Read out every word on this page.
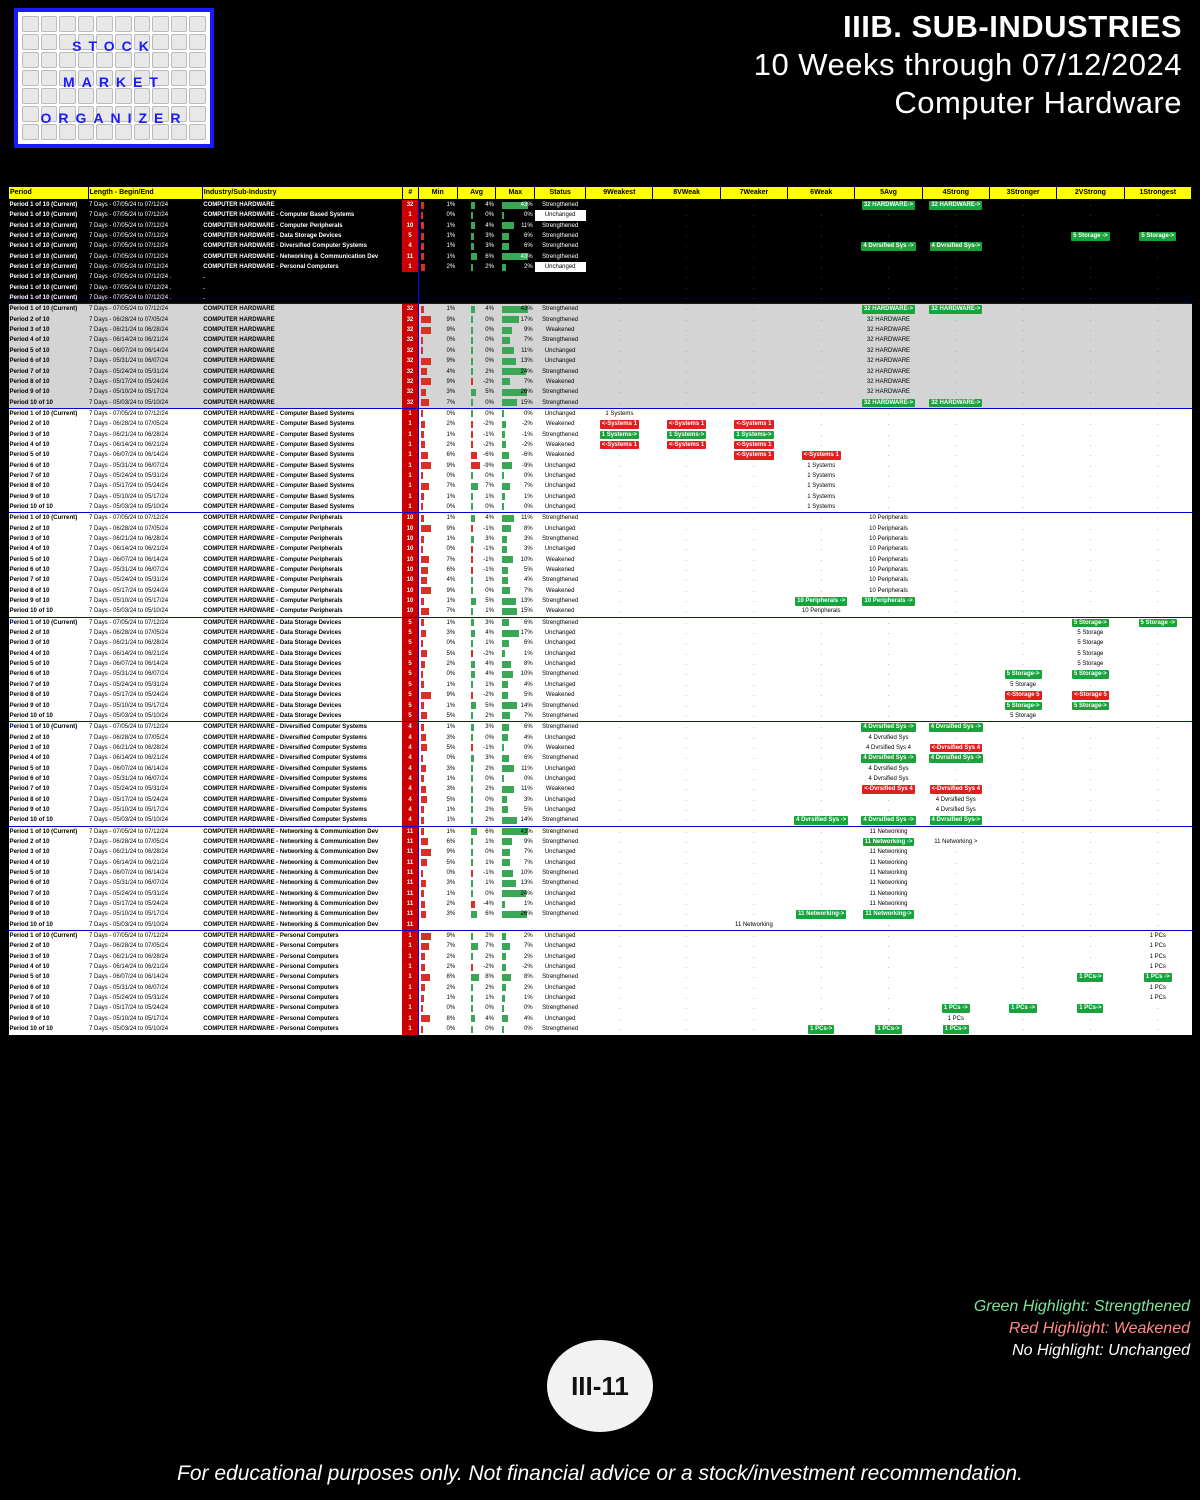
STOCK
MARKET
ORGANIZER
IIIB. SUB-INDUSTRIES
10 Weeks through 07/12/2024
Computer Hardware
Period	Length - Begin/End	Industry/Sub-Industry	#	Min	Avg	Max	Status	9Weakest	8VWeak	7Weaker	6Weak	5Avg	4Strong	3Stronger	2VStrong	1Strongest
Period 1 of 10 (Current)	7 Days - 07/05/24 to 07/12/24	COMPUTER HARDWARE	32	1%	4%	43%	Strengthened	.	.	.	.	32 HARDWARE->	32 HARDWARE->	.	.	.
Period 1 of 10 (Current)	7 Days - 07/05/24 to 07/12/24	COMPUTER HARDWARE - Computer Based Systems	1	0%	0%	0%	Unchanged	1 Systems	.	.	.	.	.	.	.	.
Period 1 of 10 (Current)	7 Days - 07/05/24 to 07/12/24	COMPUTER HARDWARE - Computer Peripherals	10	1%	4%	11%	Strengthened	.	.	.	.	10 Peripherals	.	.	.	.
Period 1 of 10 (Current)	7 Days - 07/05/24 to 07/12/24	COMPUTER HARDWARE - Data Storage Devices	5	1%	3%	6%	Strengthened	.	.	.	.	.	.	.	5 Storage ->	5 Storage->
Period 1 of 10 (Current)	7 Days - 07/05/24 to 07/12/24	COMPUTER HARDWARE - Diversified Computer Systems	4	1%	3%	6%	Strengthened	.	.	.	.	4 Dvrsified Sys ->	4 Dvrsified Sys->	.	.	.
Period 1 of 10 (Current)	7 Days - 07/05/24 to 07/12/24	COMPUTER HARDWARE - Networking & Communication Dev	11	1%	6%	43%	Strengthened	.	.	.	.	11 Networking	.	.	.	.
Period 1 of 10 (Current)	7 Days - 07/05/24 to 07/12/24	COMPUTER HARDWARE - Personal Computers	1	2%	2%	2%	Unchanged	.	.	.	.	.	.	.	.	1 PCs
Period 1 of 10 (Current)	7 Days - 07/05/24 to 07/12/24 .	.						.	.	.	.	.	.	.	.	.
Period 1 of 10 (Current)	7 Days - 07/05/24 to 07/12/24 .	.						.	.	.	.	.	.	.	.	.
Period 1 of 10 (Current)	7 Days - 07/05/24 to 07/12/24 .	.						.	.	.	.	.	.	.	.	.
Period 1 of 10 (Current)	7 Days - 07/05/24 to 07/12/24	COMPUTER HARDWARE	32	1%	4%	43%	Strengthened	.	.	.	.	32 HARDWARE->	32 HARDWARE->	.	.	.
Period 2 of 10	7 Days - 06/28/24 to 07/05/24	COMPUTER HARDWARE	32	9%	0%	17%	Strengthened	.	.	.	.	32 HARDWARE	.	.	.	.
Period 3 of 10	7 Days - 06/21/24 to 06/28/24	COMPUTER HARDWARE	32	9%	0%	9%	Weakened	.	.	.	.	32 HARDWARE	.	.	.	.
Period 4 of 10	7 Days - 06/14/24 to 06/21/24	COMPUTER HARDWARE	32	0%	0%	7%	Strengthened	.	.	.	.	32 HARDWARE	.	.	.	.
Period 5 of 10	7 Days - 06/07/24 to 06/14/24	COMPUTER HARDWARE	32	0%	0%	11%	Unchanged	.	.	.	.	32 HARDWARE	.	.	.	.
Period 6 of 10	7 Days - 05/31/24 to 06/07/24	COMPUTER HARDWARE	32	9%	0%	13%	Unchanged	.	.	.	.	32 HARDWARE	.	.	.	.
Period 7 of 10	7 Days - 05/24/24 to 05/31/24	COMPUTER HARDWARE	32	4%	2%	24%	Strengthened	.	.	.	.	32 HARDWARE	.	.	.	.
Period 8 of 10	7 Days - 05/17/24 to 05/24/24	COMPUTER HARDWARE	32	9%	-2%	7%	Weakened	.	.	.	.	32 HARDWARE	.	.	.	.
Period 9 of 10	7 Days - 05/10/24 to 05/17/24	COMPUTER HARDWARE	32	3%	5%	26%	Strengthened	.	.	.	.	32 HARDWARE	.	.	.	.
Period 10 of 10	7 Days - 05/03/24 to 05/10/24	COMPUTER HARDWARE	32	7%	0%	15%	Strengthened	.	.	.	.	32 HARDWARE->	32 HARDWARE->	.	.	.
Period 1 of 10 (Current)	7 Days - 07/05/24 to 07/12/24	COMPUTER HARDWARE - Computer Based Systems	1	0%	0%	0%	Unchanged	1 Systems	.	.	.	.	.	.	.	.
Period 2 of 10	7 Days - 06/28/24 to 07/05/24	COMPUTER HARDWARE - Computer Based Systems	1	2%	-2%	-2%	Weakened	<-Systems 1	<-Systems 1	<-Systems 1	.	.	.	.	.	.
Period 3 of 10	7 Days - 06/21/24 to 06/28/24	COMPUTER HARDWARE - Computer Based Systems	1	1%	-1%	-1%	Strengthened	1 Systems->	1 Systems->	1 Systems->	.	.	.	.	.	.
Period 4 of 10	7 Days - 06/14/24 to 06/21/24	COMPUTER HARDWARE - Computer Based Systems	1	2%	-2%	-2%	Weakened	<-Systems 1	<-Systems 1	<-Systems 1	.	.	.	.	.	.
Period 5 of 10	7 Days - 06/07/24 to 06/14/24	COMPUTER HARDWARE - Computer Based Systems	1	6%	-6%	-6%	Weakened	.	.	<-Systems 1	<-Systems 1	.	.	.	.	.
Period 6 of 10	7 Days - 05/31/24 to 06/07/24	COMPUTER HARDWARE - Computer Based Systems	1	9%	-9%	-9%	Unchanged	.	.	.	1 Systems	.	.	.	.	.
Period 7 of 10	7 Days - 05/24/24 to 05/31/24	COMPUTER HARDWARE - Computer Based Systems	1	0%	0%	0%	Unchanged	.	.	.	1 Systems	.	.	.	.	.
Period 8 of 10	7 Days - 05/17/24 to 05/24/24	COMPUTER HARDWARE - Computer Based Systems	1	7%	7%	7%	Unchanged	.	.	.	1 Systems	.	.	.	.	.
Period 9 of 10	7 Days - 05/10/24 to 05/17/24	COMPUTER HARDWARE - Computer Based Systems	1	1%	1%	1%	Unchanged	.	.	.	1 Systems	.	.	.	.	.
Period 10 of 10	7 Days - 05/03/24 to 05/10/24	COMPUTER HARDWARE - Computer Based Systems	1	0%	0%	0%	Unchanged	.	.	.	1 Systems	.	.	.	.	.
Period 1 of 10 (Current)	7 Days - 07/05/24 to 07/12/24	COMPUTER HARDWARE - Computer Peripherals	10	1%	4%	11%	Strengthened	.	.	.	.	10 Peripherals	.	.	.	.
Period 2 of 10	7 Days - 06/28/24 to 07/05/24	COMPUTER HARDWARE - Computer Peripherals	10	9%	-1%	8%	Unchanged	.	.	.	.	10 Peripherals	.	.	.	.
Period 3 of 10	7 Days - 06/21/24 to 06/28/24	COMPUTER HARDWARE - Computer Peripherals	10	1%	3%	3%	Strengthened	.	.	.	.	10 Peripherals	.	.	.	.
Period 4 of 10	7 Days - 06/14/24 to 06/21/24	COMPUTER HARDWARE - Computer Peripherals	10	0%	-1%	3%	Unchanged	.	.	.	.	10 Peripherals	.	.	.	.
Period 5 of 10	7 Days - 06/07/24 to 06/14/24	COMPUTER HARDWARE - Computer Peripherals	10	7%	-1%	10%	Weakened	.	.	.	.	10 Peripherals	.	.	.	.
Period 6 of 10	7 Days - 05/31/24 to 06/07/24	COMPUTER HARDWARE - Computer Peripherals	10	6%	-1%	5%	Weakened	.	.	.	.	10 Peripherals	.	.	.	.
Period 7 of 10	7 Days - 05/24/24 to 05/31/24	COMPUTER HARDWARE - Computer Peripherals	10	4%	1%	4%	Strengthened	.	.	.	.	10 Peripherals	.	.	.	.
Period 8 of 10	7 Days - 05/17/24 to 05/24/24	COMPUTER HARDWARE - Computer Peripherals	10	9%	0%	7%	Weakened	.	.	.	.	10 Peripherals	.	.	.	.
Period 9 of 10	7 Days - 05/10/24 to 05/17/24	COMPUTER HARDWARE - Computer Peripherals	10	1%	5%	13%	Strengthened	.	.	.	10 Peripherals ->	10 Peripherals ->	.	.	.	.
Period 10 of 10	7 Days - 05/03/24 to 05/10/24	COMPUTER HARDWARE - Computer Peripherals	10	7%	1%	15%	Weakened	.	.	.	10 Peripherals	.	.	.	.	.
Period 1 of 10 (Current)	7 Days - 07/05/24 to 07/12/24	COMPUTER HARDWARE - Data Storage Devices	5	1%	3%	6%	Strengthened	.	.	.	.	.	.	.	5 Storage->	5 Storage ->
Period 2 of 10	7 Days - 06/28/24 to 07/05/24	COMPUTER HARDWARE - Data Storage Devices	5	3%	4%	17%	Unchanged	.	.	.	.	.	.	.	5 Storage	.
Period 3 of 10	7 Days - 06/21/24 to 06/28/24	COMPUTER HARDWARE - Data Storage Devices	5	0%	1%	6%	Unchanged	.	.	.	.	.	.	.	5 Storage	.
Period 4 of 10	7 Days - 06/14/24 to 06/21/24	COMPUTER HARDWARE - Data Storage Devices	5	5%	-2%	1%	Unchanged	.	.	.	.	.	.	.	5 Storage	.
Period 5 of 10	7 Days - 06/07/24 to 06/14/24	COMPUTER HARDWARE - Data Storage Devices	5	2%	4%	8%	Unchanged	.	.	.	.	.	.	.	5 Storage	.
Period 6 of 10	7 Days - 05/31/24 to 06/07/24	COMPUTER HARDWARE - Data Storage Devices	5	0%	4%	10%	Strengthened	.	.	.	.	.	.	5 Storage->	5 Storage->	.
Period 7 of 10	7 Days - 05/24/24 to 05/31/24	COMPUTER HARDWARE - Data Storage Devices	5	1%	1%	4%	Unchanged	.	.	.	.	.	.	5 Storage	.	.
Period 8 of 10	7 Days - 05/17/24 to 05/24/24	COMPUTER HARDWARE - Data Storage Devices	5	9%	-2%	5%	Weakened	.	.	.	.	.	.	<-Storage 5	<-Storage 5	.
Period 9 of 10	7 Days - 05/10/24 to 05/17/24	COMPUTER HARDWARE - Data Storage Devices	5	1%	5%	14%	Strengthened	.	.	.	.	.	.	5 Storage->	5 Storage->	.
Period 10 of 10	7 Days - 05/03/24 to 05/10/24	COMPUTER HARDWARE - Data Storage Devices	5	5%	2%	7%	Strengthened	.	.	.	.	.	.	5 Storage	.	.
Period 1 of 10 (Current)	7 Days - 07/05/24 to 07/12/24	COMPUTER HARDWARE - Diversified Computer Systems	4	1%	3%	6%	Strengthened	.	.	.	.	4 Dvrsified Sys ->	4 Dvrsified Sys ->	.	.	.
Period 2 of 10	7 Days - 06/28/24 to 07/05/24	COMPUTER HARDWARE - Diversified Computer Systems	4	3%	0%	4%	Unchanged	.	.	.	.	4 Dvrsified Sys	.	.	.	.
Period 3 of 10	7 Days - 06/21/24 to 06/28/24	COMPUTER HARDWARE - Diversified Computer Systems	4	5%	-1%	0%	Weakened	.	.	.	.	4 Dvrsified Sys 4	<-Dvrsified Sys 4	.	.	.
Period 4 of 10	7 Days - 06/14/24 to 06/21/24	COMPUTER HARDWARE - Diversified Computer Systems	4	0%	3%	6%	Strengthened	.	.	.	.	4 Dvrsified Sys ->	4 Dvrsified Sys ->	.	.	.
Period 5 of 10	7 Days - 06/07/24 to 06/14/24	COMPUTER HARDWARE - Diversified Computer Systems	4	3%	2%	11%	Unchanged	.	.	.	.	4 Dvrsified Sys	.	.	.	.
Period 6 of 10	7 Days - 05/31/24 to 06/07/24	COMPUTER HARDWARE - Diversified Computer Systems	4	1%	0%	0%	Unchanged	.	.	.	.	4 Dvrsified Sys	.	.	.	.
Period 7 of 10	7 Days - 05/24/24 to 05/31/24	COMPUTER HARDWARE - Diversified Computer Systems	4	3%	2%	11%	Weakened	.	.	.	.	<-Dvrsified Sys 4	<-Dvrsified Sys 4	.	.	.
Period 8 of 10	7 Days - 05/17/24 to 05/24/24	COMPUTER HARDWARE - Diversified Computer Systems	4	5%	0%	3%	Unchanged	.	.	.	.	.	4 Dvrsified Sys	.	.	.
Period 9 of 10	7 Days - 05/10/24 to 05/17/24	COMPUTER HARDWARE - Diversified Computer Systems	4	1%	2%	5%	Unchanged	.	.	.	.	.	4 Dvrsified Sys	.	.	.
Period 10 of 10	7 Days - 05/03/24 to 05/10/24	COMPUTER HARDWARE - Diversified Computer Systems	4	1%	2%	14%	Strengthened	.	.	.	4 Dvrsified Sys ->	4 Dvrsified Sys ->	4 Dvrsified Sys->	.	.	.
Period 1 of 10 (Current)	7 Days - 07/05/24 to 07/12/24	COMPUTER HARDWARE - Networking & Communication Dev	11	1%	6%	43%	Strengthened	.	.	.	.	11 Networking	.	.	.	.
Period 2 of 10	7 Days - 06/28/24 to 07/05/24	COMPUTER HARDWARE - Networking & Communication Dev	11	6%	1%	9%	Strengthened	.	.	.	.	11 Networking ->	11 Networking >	.	.	.
Period 3 of 10	7 Days - 06/21/24 to 06/28/24	COMPUTER HARDWARE - Networking & Communication Dev	11	9%	0%	7%	Unchanged	.	.	.	.	11 Networking	.	.	.	.
Period 4 of 10	7 Days - 06/14/24 to 06/21/24	COMPUTER HARDWARE - Networking & Communication Dev	11	5%	1%	7%	Unchanged	.	.	.	.	11 Networking	.	.	.	.
Period 5 of 10	7 Days - 06/07/24 to 06/14/24	COMPUTER HARDWARE - Networking & Communication Dev	11	0%	-1%	10%	Strengthened	.	.	.	.	11 Networking	.	.	.	.
Period 6 of 10	7 Days - 05/31/24 to 06/07/24	COMPUTER HARDWARE - Networking & Communication Dev	11	3%	1%	13%	Strengthened	.	.	.	.	11 Networking	.	.	.	.
Period 7 of 10	7 Days - 05/24/24 to 05/31/24	COMPUTER HARDWARE - Networking & Communication Dev	11	1%	0%	24%	Unchanged	.	.	.	.	11 Networking	.	.	.	.
Period 8 of 10	7 Days - 05/17/24 to 05/24/24	COMPUTER HARDWARE - Networking & Communication Dev	11	2%	-4%	1%	Unchanged	.	.	.	.	11 Networking	.	.	.	.
Period 9 of 10	7 Days - 05/10/24 to 05/17/24	COMPUTER HARDWARE - Networking & Communication Dev	11	3%	6%	26%	Strengthened	.	.	.	11 Networking->	11 Networking->	.	.	.	.
Period 10 of 10	7 Days - 05/03/24 to 05/10/24	COMPUTER HARDWARE - Networking & Communication Dev	11					.	.	11 Networking	.	.	.	.	.	.
Period 1 of 10 (Current)	7 Days - 07/05/24 to 07/12/24	COMPUTER HARDWARE - Personal Computers	1	9%	2%	2%	Unchanged	.	.	.	.	.	.	.	.	1 PCs
Period 2 of 10	7 Days - 06/28/24 to 07/05/24	COMPUTER HARDWARE - Personal Computers	1	7%	7%	7%	Unchanged	.	.	.	.	.	.	.	.	1 PCs
Period 3 of 10	7 Days - 06/21/24 to 06/28/24	COMPUTER HARDWARE - Personal Computers	1	2%	2%	2%	Unchanged	.	.	.	.	.	.	.	.	1 PCs
Period 4 of 10	7 Days - 06/14/24 to 06/21/24	COMPUTER HARDWARE - Personal Computers	1	2%	-2%	-2%	Unchanged	.	.	.	.	.	.	.	.	1 PCs
Period 5 of 10	7 Days - 06/07/24 to 06/14/24	COMPUTER HARDWARE - Personal Computers	1	8%	8%	8%	Strengthened	.	.	.	.	.	.	.	1 PCs->	1 PCs ->
Period 6 of 10	7 Days - 05/31/24 to 06/07/24	COMPUTER HARDWARE - Personal Computers	1	2%	2%	2%	Unchanged	.	.	.	.	.	.	.	.	1 PCs
Period 7 of 10	7 Days - 05/24/24 to 05/31/24	COMPUTER HARDWARE - Personal Computers	1	1%	1%	1%	Unchanged	.	.	.	.	.	.	.	.	1 PCs
Period 8 of 10	7 Days - 05/17/24 to 05/24/24	COMPUTER HARDWARE - Personal Computers	1	0%	0%	0%	Strengthened	.	.	.	.	.	1 PCs ->	1 PCs ->	1 PCs->	.
Period 9 of 10	7 Days - 05/10/24 to 05/17/24	COMPUTER HARDWARE - Personal Computers	1	8%	4%	4%	Unchanged	.	.	.	.	.	1 PCs	.	.	.
Period 10 of 10	7 Days - 05/03/24 to 05/10/24	COMPUTER HARDWARE - Personal Computers	1	0%	0%	0%	Strengthened	.	.	.	1 PCs->	1 PCs->	1 PCs->	.	.	.
Green Highlight: Strengthened
Red Highlight: Weakened
No Highlight: Unchanged
III-11
For educational purposes only. Not financial advice or a stock/investment recommendation.
